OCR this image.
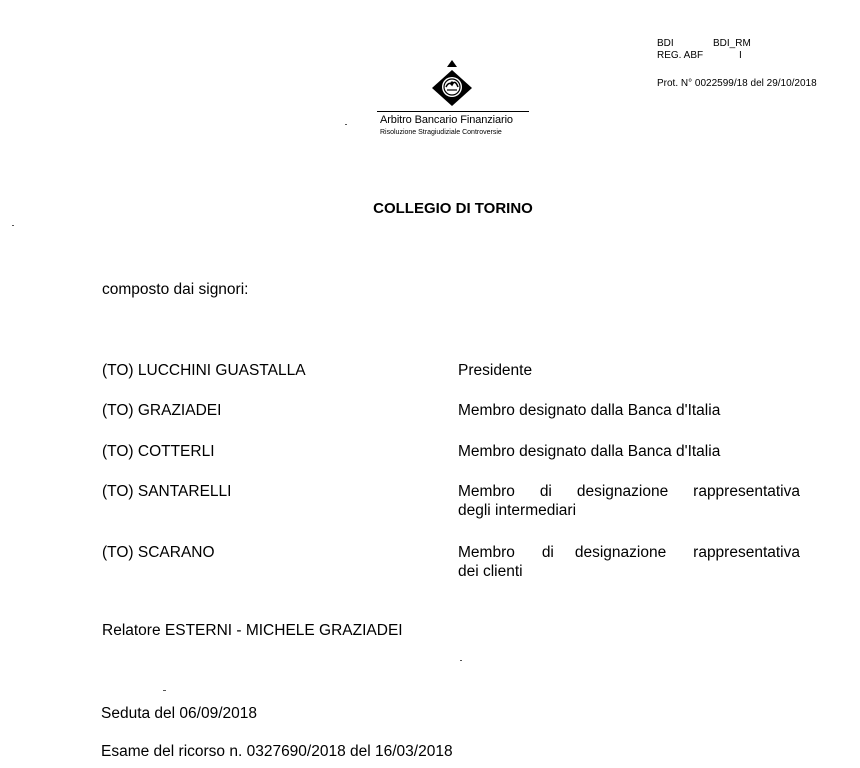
BDI	BDI_RM
REG. ABF	I
Prot. N° 0022599/18 del 29/10/2018
Arbitro Bancario Finanziario
Risoluzione Stragiudiziale Controversie
COLLEGIO DI TORINO
composto dai signori:
(TO) LUCCHINI GUASTALLA	Presidente
(TO) GRAZIADEI	Membro designato dalla Banca d'Italia
(TO) COTTERLI	Membro designato dalla Banca d'Italia
(TO) SANTARELLI	Membro di designazione rappresentativa
degli intermediari
(TO) SCARANO	Membro di designazione rappresentativa
dei clienti
Relatore ESTERNI - MICHELE GRAZIADEI
Seduta del 06/09/2018
Esame del ricorso n. 0327690/2018 del 16/03/2018
